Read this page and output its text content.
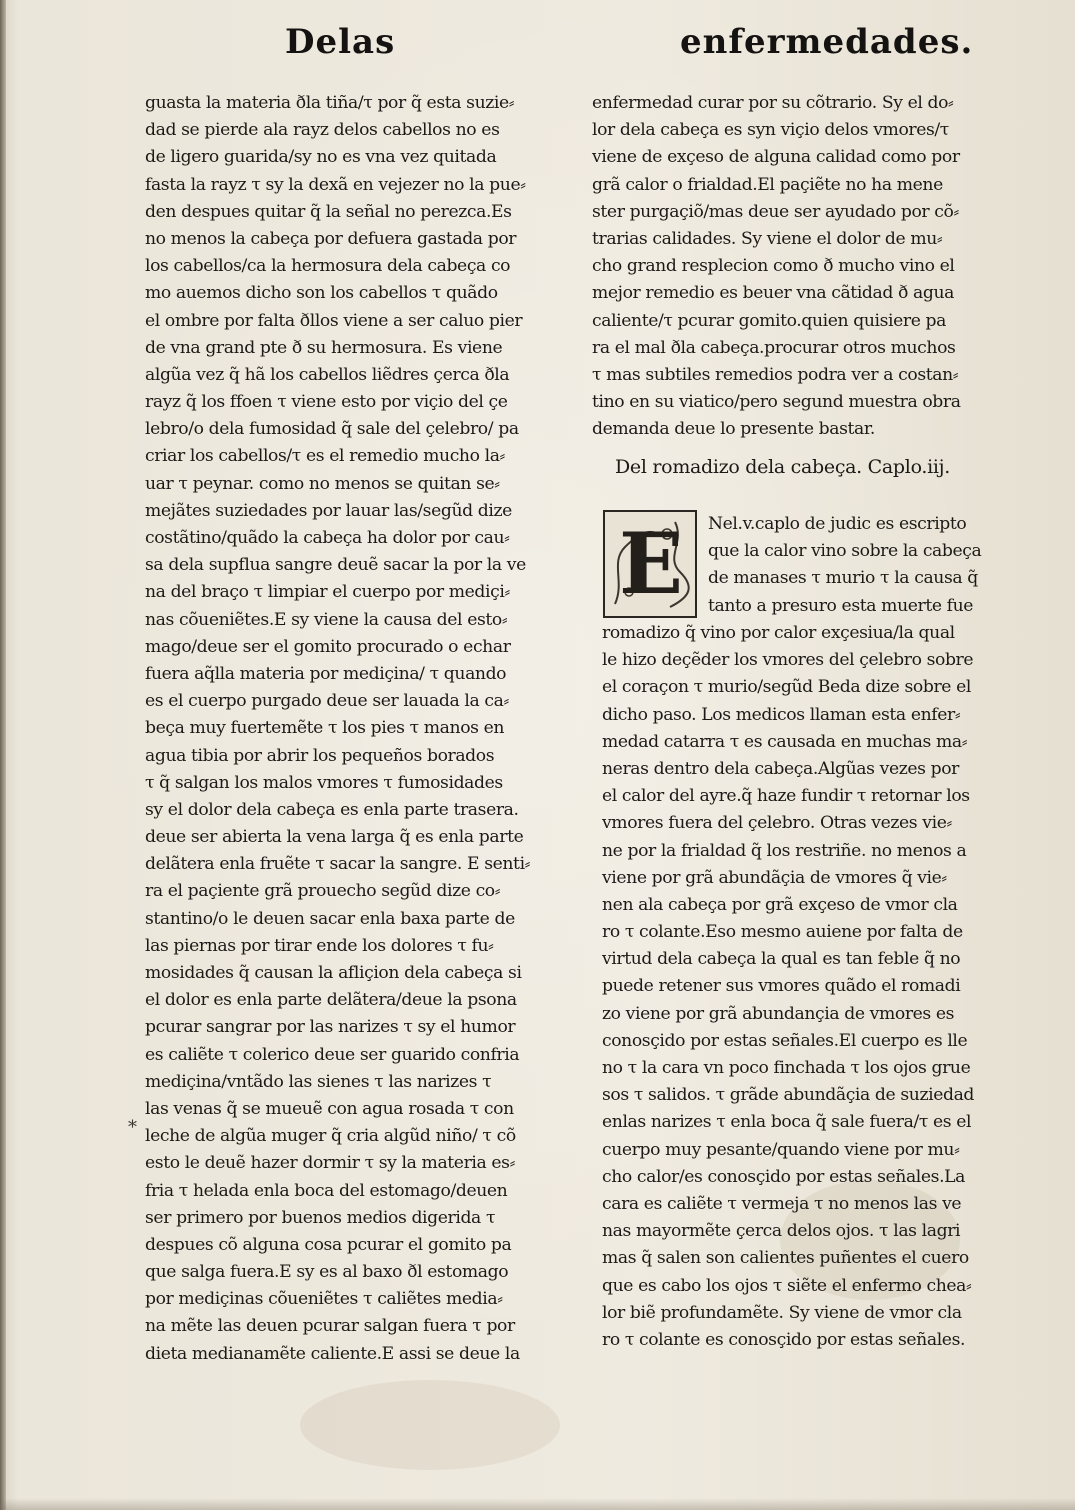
Delas	enfermedades.
guasta la materia ðla tiña/τ por q̃ esta suzie⸗
dad se pierde ala rayz delos cabellos no es
de ligero guarida/sy no es vna vez quitada
fasta la rayz τ sy la dexã en vejezer no la pue⸗
den despues quitar q̃ la señal no perezca.Es
no menos la cabeça por defuera gastada por
los cabellos/ca la hermosura dela cabeça co
mo auemos dicho son los cabellos τ quãdo
el ombre por falta ðllos viene a ser caluo pier
de vna grand pte ð su hermosura. Es viene
algũa vez q̃ hã los cabellos liẽdres çerca ðla
rayz q̃ los ffoen τ viene esto por viçio del çe
lebro/o dela fumosidad q̃ sale del çelebro/ pa
criar los cabellos/τ es el remedio mucho la⸗
uar τ peynar. como no menos se quitan se⸗
mejãtes suziedades por lauar las/segũd dize
costãtino/quãdo la cabeça ha dolor por cau⸗
sa dela supflua sangre deuẽ sacar la por la ve
na del braço τ limpiar el cuerpo por mediçi⸗
nas cõueniẽtes.E sy viene la causa del esto⸗
mago/deue ser el gomito procurado o echar
fuera aq̃lla materia por mediçina/ τ quando
es el cuerpo purgado deue ser lauada la ca⸗
beça muy fuertemẽte τ los pies τ manos en
agua tibia por abrir los pequeños borados
τ q̃ salgan los malos vmores τ fumosidades
sy el dolor dela cabeça es enla parte trasera.
deue ser abierta la vena larga q̃ es enla parte
delãtera enla fruẽte τ sacar la sangre. E senti⸗
ra el paçiente grã prouecho segũd dize co⸗
stantino/o le deuen sacar enla baxa parte de
las piernas por tirar ende los dolores τ fu⸗
mosidades q̃ causan la afliçion dela cabeça si
el dolor es enla parte delãtera/deue la psona
pcurar sangrar por las narizes τ sy el humor
es caliẽte τ colerico deue ser guarido confria
mediçina/vntãdo las sienes τ las narizes τ
las venas q̃ se mueuẽ con agua rosada τ con
leche de algũa muger q̃ cria algũd niño/ τ cõ
esto le deuẽ hazer dormir τ sy la materia es⸗
fria τ helada enla boca del estomago/deuen
ser primero por buenos medios digerida τ
despues cõ alguna cosa pcurar el gomito pa
que salga fuera.E sy es al baxo ðl estomago
por mediçinas cõueniẽtes τ caliẽtes media⸗
na mẽte las deuen pcurar salgan fuera τ por
dieta medianamẽte caliente.E assi se deue la
enfermedad curar por su cõtrario. Sy el do⸗
lor dela cabeça es syn viçio delos vmores/τ
viene de exçeso de alguna calidad como por
grã calor o frialdad.El paçiẽte no ha mene
ster purgaçiõ/mas deue ser ayudado por cõ⸗
trarias calidades. Sy viene el dolor de mu⸗
cho grand resplecion como ð mucho vino el
mejor remedio es beuer vna cãtidad ð agua
caliente/τ pcurar gomito.quien quisiere pa
ra el mal ðla cabeça.procurar otros muchos
τ mas subtiles remedios podra ver a costan⸗
tino en su viatico/pero segund muestra obra
demanda deue lo presente bastar.
Del romadizo dela cabeça. Caplo.iij.
E Nel.v.caplo de judic es escripto
que la calor vino sobre la cabeça
de manases τ murio τ la causa q̃
tanto a presuro esta muerte fue
romadizo q̃ vino por calor exçesiua/la qual
le hizo deçẽder los vmores del çelebro sobre
el coraçon τ murio/segũd Beda dize sobre el
dicho paso. Los medicos llaman esta enfer⸗
medad catarra τ es causada en muchas ma⸗
neras dentro dela cabeça.Algũas vezes por
el calor del ayre.q̃ haze fundir τ retornar los
vmores fuera del çelebro. Otras vezes vie⸗
ne por la frialdad q̃ los restriñe. no menos a
viene por grã abundãçia de vmores q̃ vie⸗
nen ala cabeça por grã exçeso de vmor cla
ro τ colante.Eso mesmo auiene por falta de
virtud dela cabeça la qual es tan feble q̃ no
puede retener sus vmores quãdo el romadi
zo viene por grã abundançia de vmores es
conosçido por estas señales.El cuerpo es lle
no τ la cara vn poco finchada τ los ojos grue
sos τ salidos. τ grãde abundãçia de suziedad
enlas narizes τ enla boca q̃ sale fuera/τ es el
cuerpo muy pesante/quando viene por mu⸗
cho calor/es conosçido por estas señales.La
cara es caliẽte τ vermeja τ no menos las ve
nas mayormẽte çerca delos ojos. τ las lagri
mas q̃ salen son calientes puñentes el cuero
que es cabo los ojos τ siẽte el enfermo chea⸗
lor biẽ profundamẽte. Sy viene de vmor cla
ro τ colante es conosçido por estas señales.
*
